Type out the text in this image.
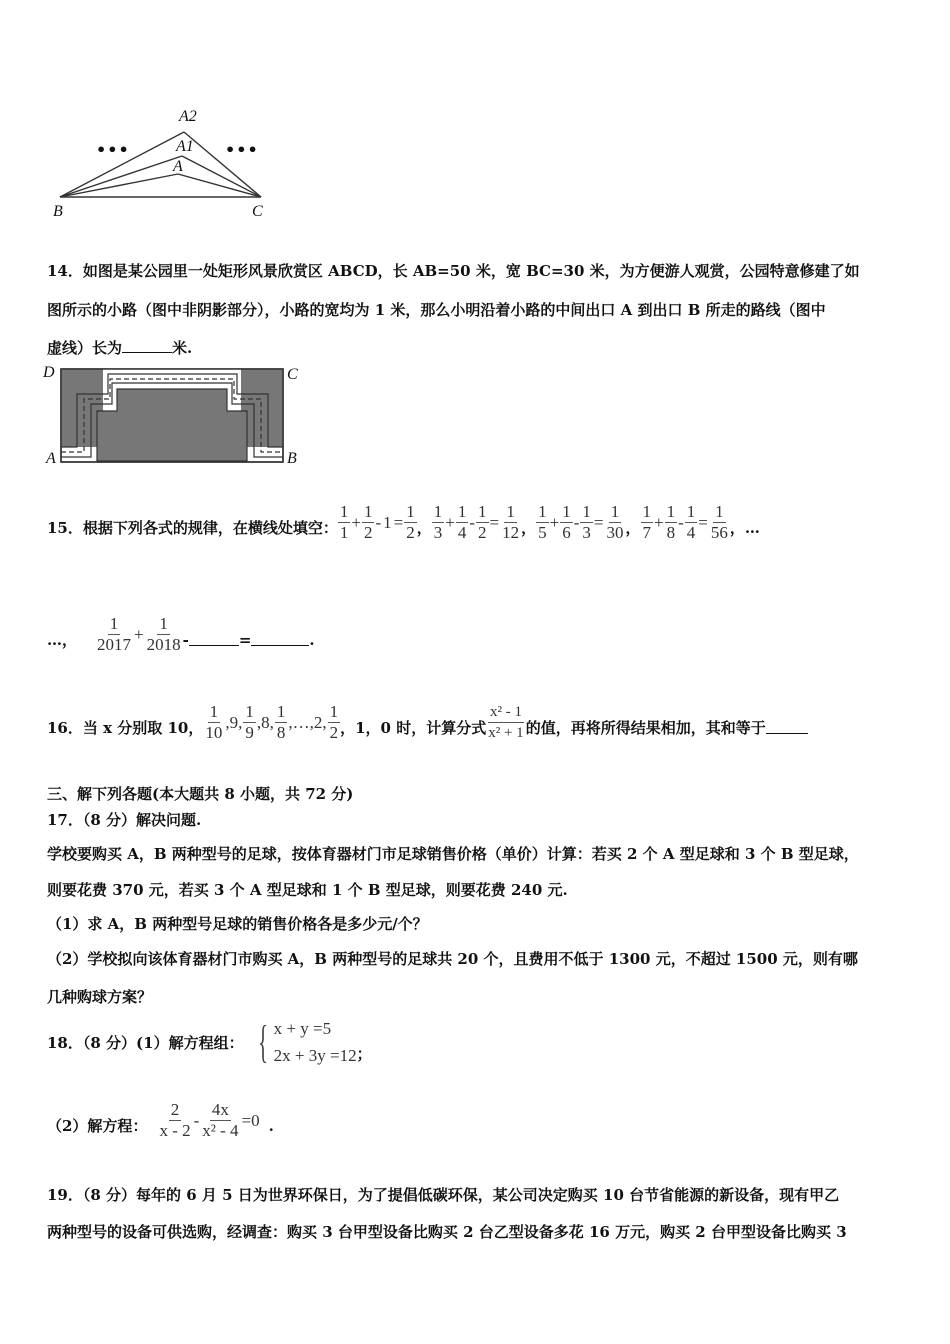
A2
A1
A
B	C
•••	•••
14．如图是某公园里一处矩形风景欣赏区 ABCD，长 AB=50 米，宽 BC=30 米，为方便游人观赏，公园特意修建了如
图所示的小路（图中非阴影部分），小路的宽均为 1 米，那么小明沿着小路的中间出口 A 到出口 B 所走的路线（图中
虚线）长为	米.
D	C
A	B
15．根据下列各式的规律，在横线处填空： $\frac{1}{1} + \frac{1}{2} - 1 = \frac{1}{2}$ ， $\frac{1}{3} + \frac{1}{4} - \frac{1}{2} = \frac{1}{12}$ ， $\frac{1}{5} + \frac{1}{6} - \frac{1}{3} = \frac{1}{30}$ ， $\frac{1}{7} + \frac{1}{8} - \frac{1}{4} = \frac{1}{56}$ ， …
…， $\frac{1}{2017} + \frac{1}{2018}$ -	=	.
16．当 x 分别取 10， $\frac{1}{10} ,9$, $\frac{1}{9} ,8$, $\frac{1}{8}$ ,…,2, $\frac{1}{2}$ ，1，0 时，计算分式 $\frac{\text{x² - 1}}{\text{x² + 1}}$ 的值，再将所得结果相加，其和等于
三、解下列各题(本大题共 8 小题，共 72 分)
17．（8 分）解决问题.
学校要购买 A，B 两种型号的足球，按体育器材门市足球销售价格（单价）计算：若买 2 个 A 型足球和 3 个 B 型足球，
则要花费 370 元，若买 3 个 A 型足球和 1 个 B 型足球，则要花费 240 元.
（1）求 A，B 两种型号足球的销售价格各是多少元/个？
（2）学校拟向该体育器材门市购买 A，B 两种型号的足球共 20 个，且费用不低于 1300 元，不超过 1500 元，则有哪
几种购球方案？
18．（8 分）(1）解方程组： { x + y =5
2x + 3y =12 ；
（2）解方程： $\frac{2}{x - 2} - \frac{4x}{\text{x² - 4}} =0$ .
19．（8 分）每年的 6 月 5 日为世界环保日，为了提倡低碳环保，某公司决定购买 10 台节省能源的新设备，现有甲乙
两种型号的设备可供选购，经调查：购买 3 台甲型设备比购买 2 台乙型设备多花 16 万元，购买 2 台甲型设备比购买 3
